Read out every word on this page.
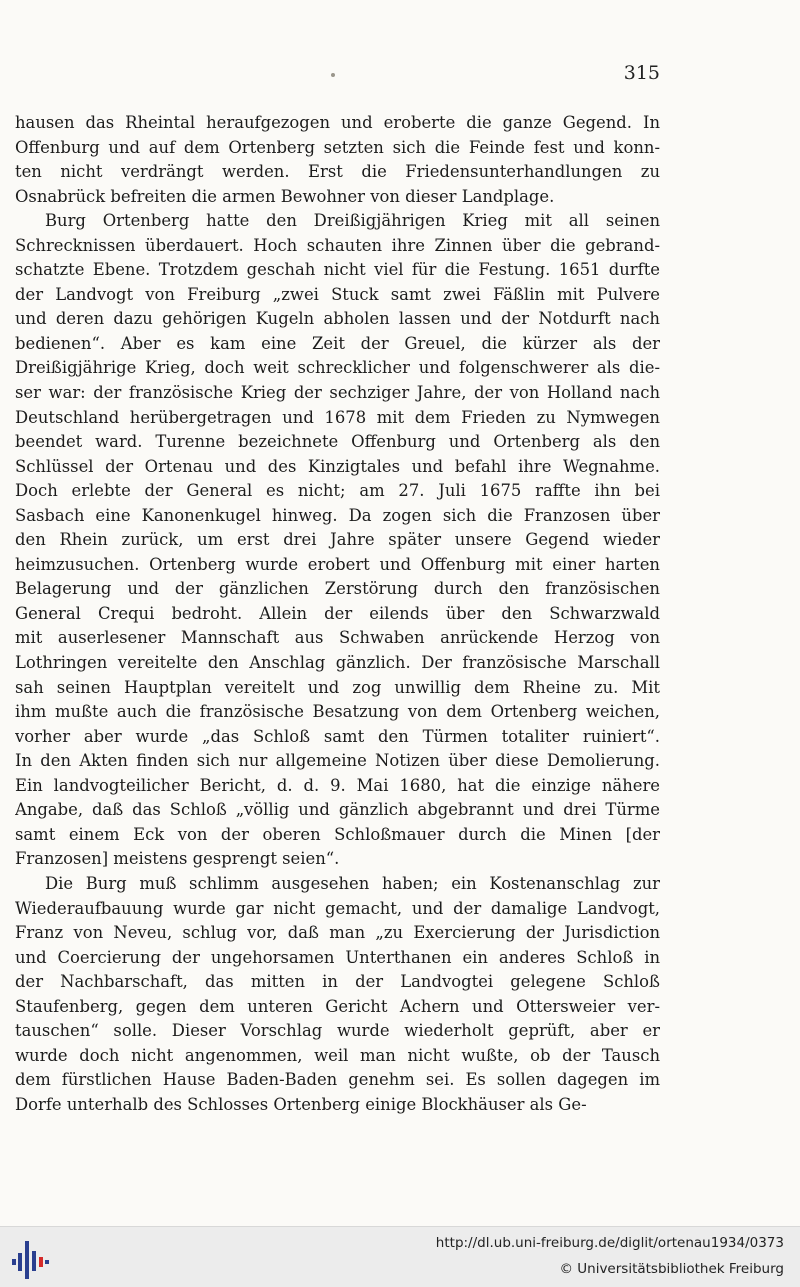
315
hausen das Rheintal heraufgezogen und eroberte die ganze Gegend. In
Offenburg und auf dem Ortenberg setzten sich die Feinde fest und konn-
ten nicht verdrängt werden. Erst die Friedensunterhandlungen zu
Osnabrück befreiten die armen Bewohner von dieser Landplage.
Burg Ortenberg hatte den Dreißigjährigen Krieg mit all seinen
Schrecknissen überdauert. Hoch schauten ihre Zinnen über die gebrand-
schatzte Ebene. Trotzdem geschah nicht viel für die Festung. 1651 durfte
der Landvogt von Freiburg „zwei Stuck samt zwei Fäßlin mit Pulvere
und deren dazu gehörigen Kugeln abholen lassen und der Notdurft nach
bedienen“. Aber es kam eine Zeit der Greuel, die kürzer als der
Dreißigjährige Krieg, doch weit schrecklicher und folgenschwerer als die-
ser war: der französische Krieg der sechziger Jahre, der von Holland nach
Deutschland herübergetragen und 1678 mit dem Frieden zu Nymwegen
beendet ward. Turenne bezeichnete Offenburg und Ortenberg als den
Schlüssel der Ortenau und des Kinzigtales und befahl ihre Wegnahme.
Doch erlebte der General es nicht; am 27. Juli 1675 raffte ihn bei
Sasbach eine Kanonenkugel hinweg. Da zogen sich die Franzosen über
den Rhein zurück, um erst drei Jahre später unsere Gegend wieder
heimzusuchen. Ortenberg wurde erobert und Offenburg mit einer harten
Belagerung und der gänzlichen Zerstörung durch den französischen
General Crequi bedroht. Allein der eilends über den Schwarzwald
mit auserlesener Mannschaft aus Schwaben anrückende Herzog von
Lothringen vereitelte den Anschlag gänzlich. Der französische Marschall
sah seinen Hauptplan vereitelt und zog unwillig dem Rheine zu. Mit
ihm mußte auch die französische Besatzung von dem Ortenberg weichen,
vorher aber wurde „das Schloß samt den Türmen totaliter ruiniert“.
In den Akten finden sich nur allgemeine Notizen über diese Demolierung.
Ein landvogteilicher Bericht, d. d. 9. Mai 1680, hat die einzige nähere
Angabe, daß das Schloß „völlig und gänzlich abgebrannt und drei Türme
samt einem Eck von der oberen Schloßmauer durch die Minen [der
Franzosen] meistens gesprengt seien“.
Die Burg muß schlimm ausgesehen haben; ein Kostenanschlag zur
Wiederaufbauung wurde gar nicht gemacht, und der damalige Landvogt,
Franz von Neveu, schlug vor, daß man „zu Exercierung der Jurisdiction
und Coercierung der ungehorsamen Unterthanen ein anderes Schloß in
der Nachbarschaft, das mitten in der Landvogtei gelegene Schloß
Staufenberg, gegen dem unteren Gericht Achern und Ottersweier ver-
tauschen“ solle. Dieser Vorschlag wurde wiederholt geprüft, aber er
wurde doch nicht angenommen, weil man nicht wußte, ob der Tausch
dem fürstlichen Hause Baden-Baden genehm sei. Es sollen dagegen im
Dorfe unterhalb des Schlosses Ortenberg einige Blockhäuser als Ge-
http://dl.ub.uni-freiburg.de/diglit/ortenau1934/0373
© Universitätsbibliothek Freiburg
